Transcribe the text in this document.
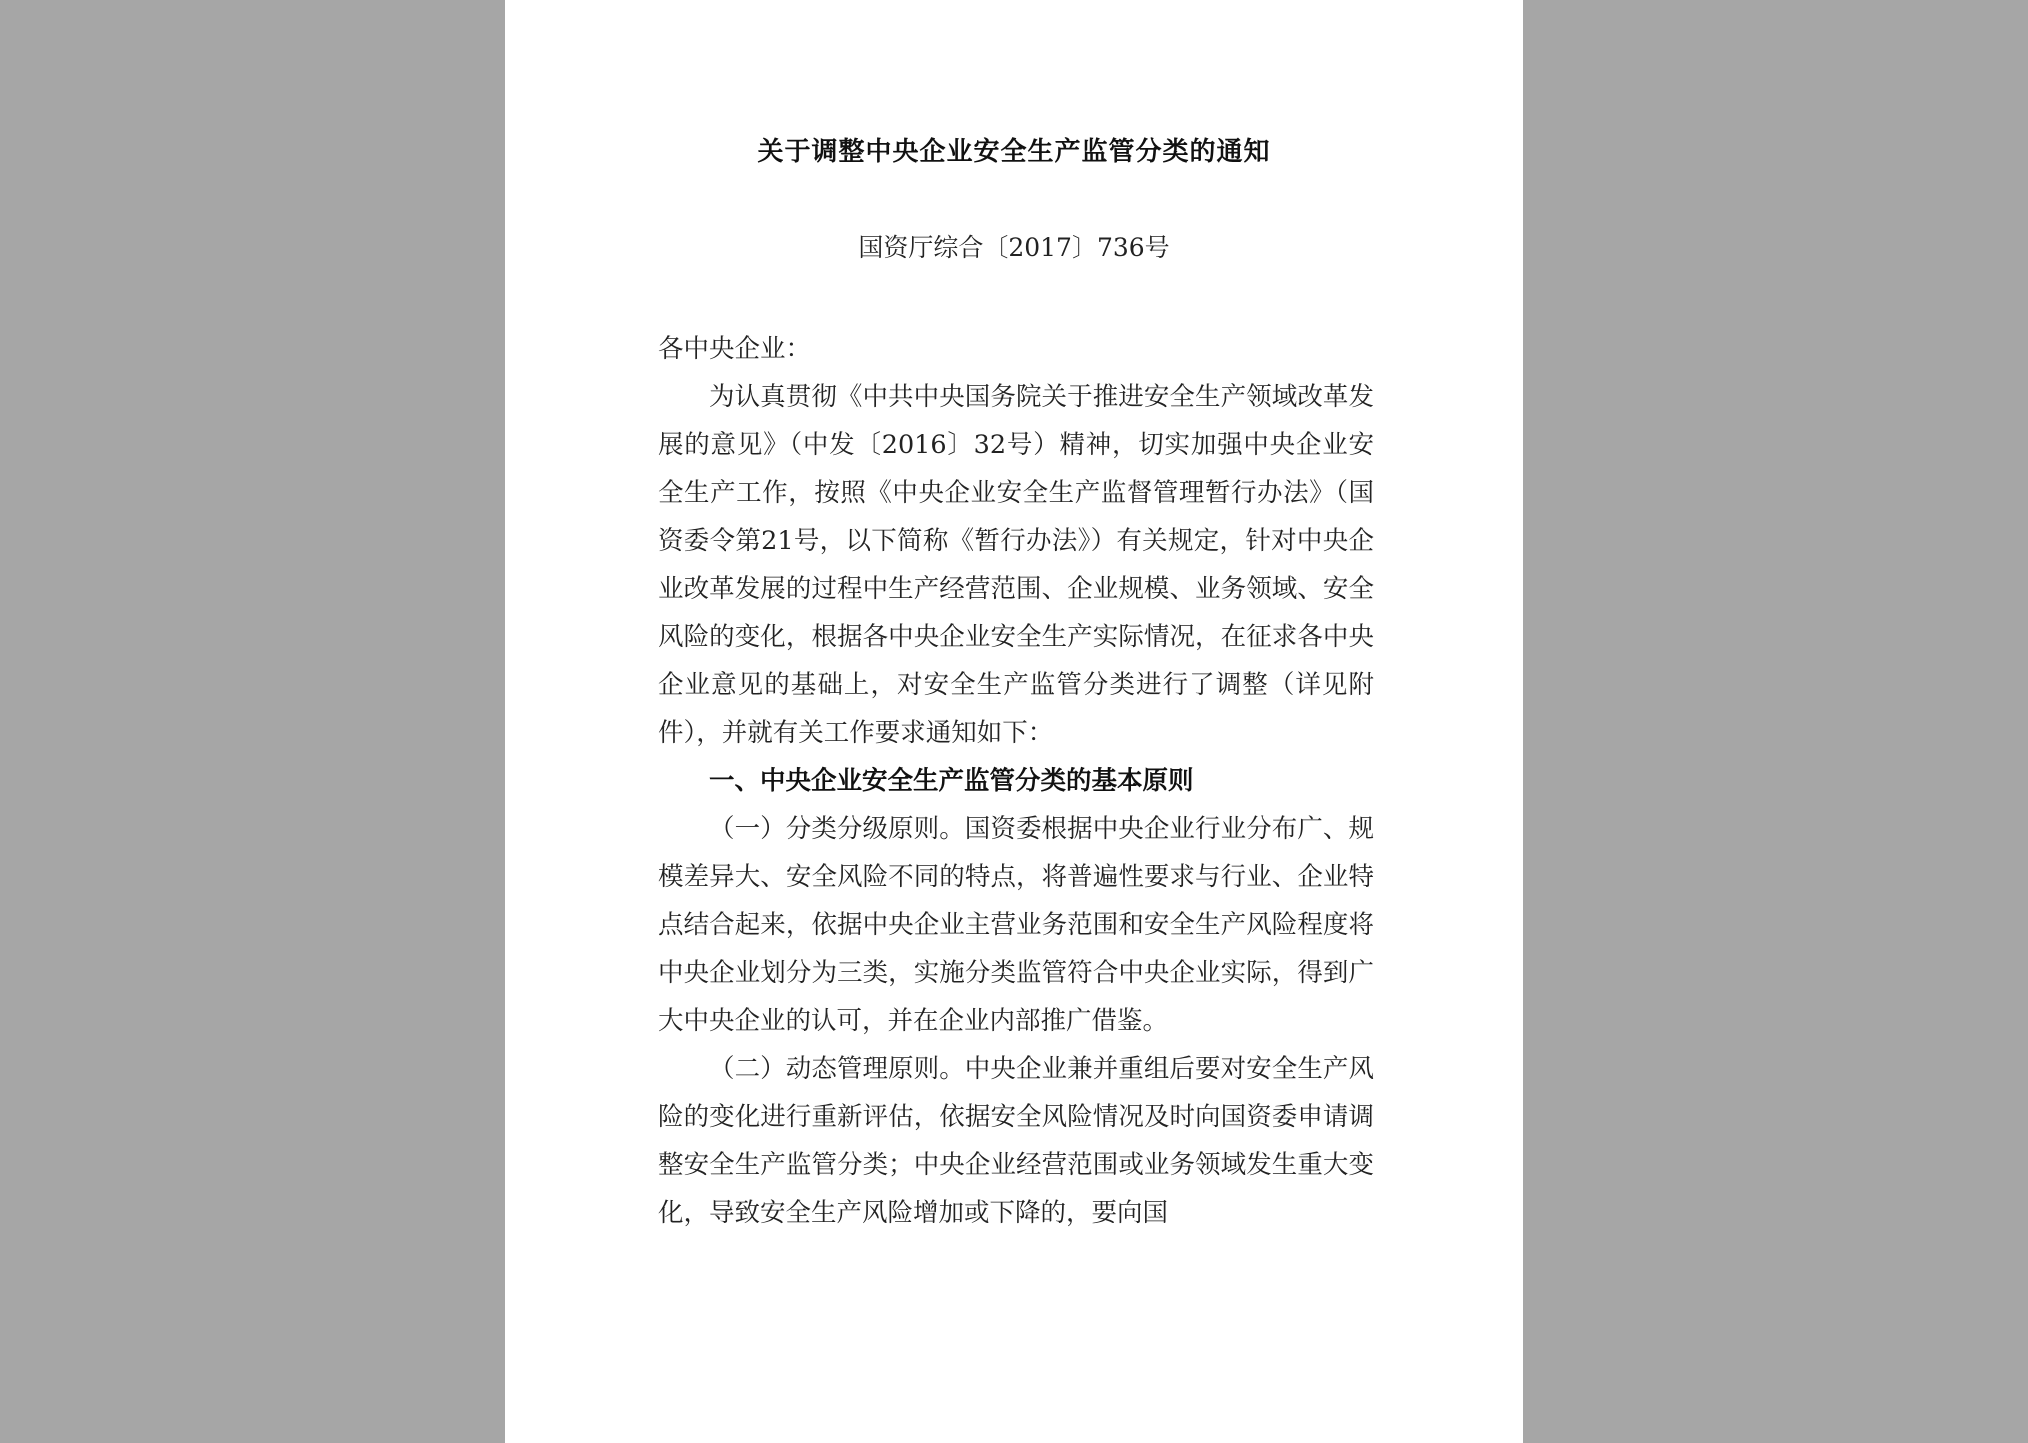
关于调整中央企业安全生产监管分类的通知
国资厅综合〔2017〕736号

各中央企业：

为认真贯彻《中共中央国务院关于推进安全生产领域改革发展的意见》（中发〔2016〕32号）精神，切实加强中央企业安全生产工作，按照《中央企业安全生产监督管理暂行办法》（国资委令第21号，以下简称《暂行办法》）有关规定，针对中央企业改革发展的过程中生产经营范围、企业规模、业务领域、安全风险的变化，根据各中央企业安全生产实际情况，在征求各中央企业意见的基础上，对安全生产监管分类进行了调整（详见附件），并就有关工作要求通知如下：

一、中央企业安全生产监管分类的基本原则

（一）分类分级原则。国资委根据中央企业行业分布广、规模差异大、安全风险不同的特点，将普遍性要求与行业、企业特点结合起来，依据中央企业主营业务范围和安全生产风险程度将中央企业划分为三类，实施分类监管符合中央企业实际，得到广大中央企业的认可，并在企业内部推广借鉴。

（二）动态管理原则。中央企业兼并重组后要对安全生产风险的变化进行重新评估，依据安全风险情况及时向国资委申请调整安全生产监管分类；中央企业经营范围或业务领域发生重大变化，导致安全生产风险增加或下降的，要向国
